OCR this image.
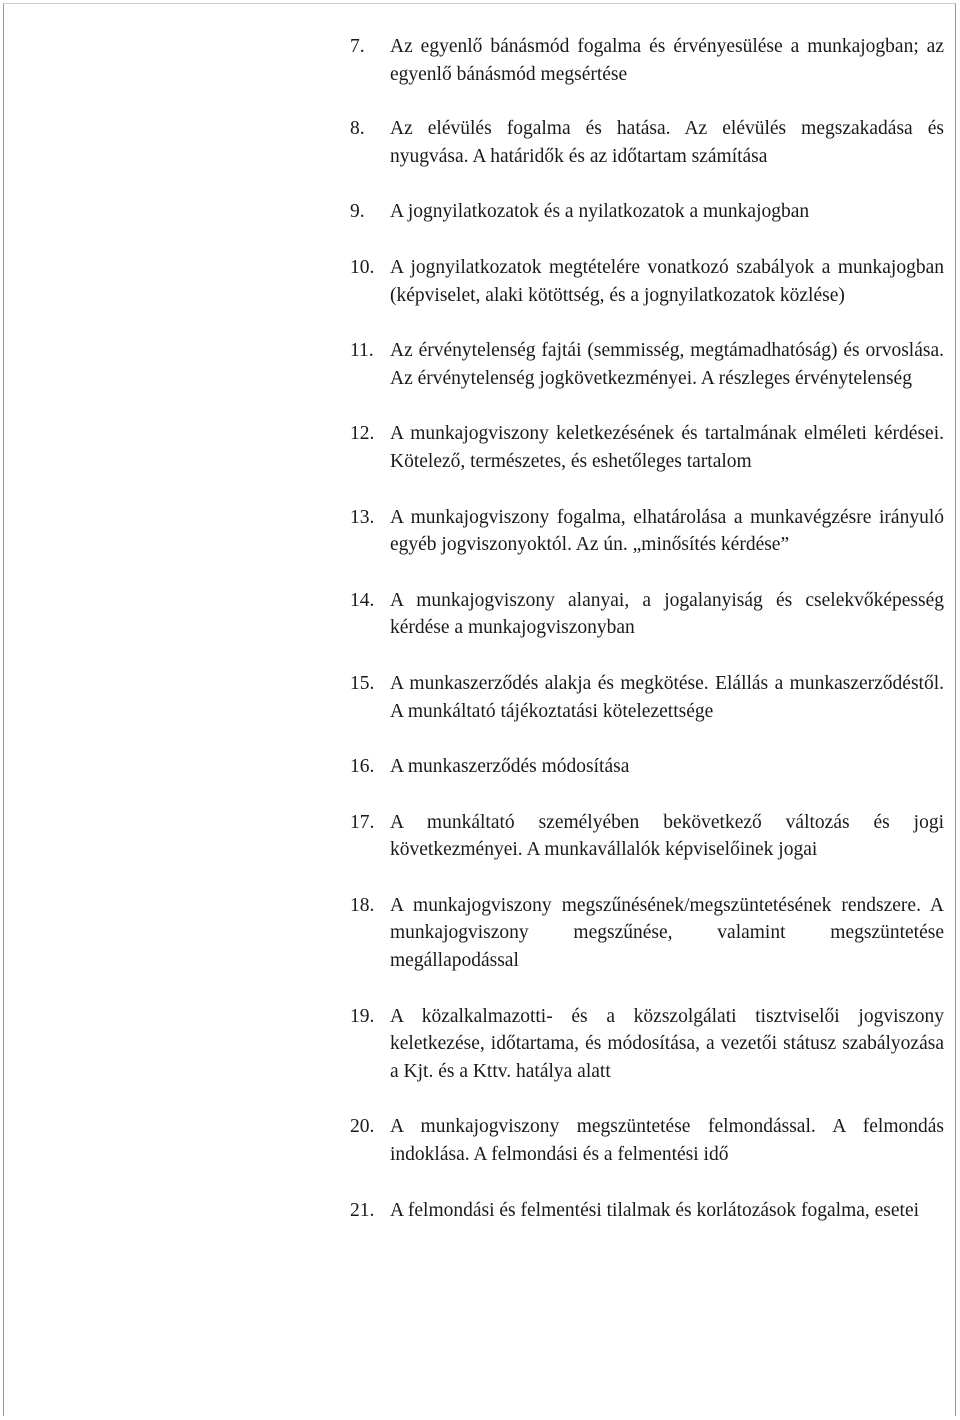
7. Az egyenlő bánásmód fogalma és érvényesülése a munkajogban; az egyenlő bánásmód megsértése
8. Az elévülés fogalma és hatása. Az elévülés megszakadása és nyugvása. A határidők és az időtartam számítása
9. A jognyilatkozatok és a nyilatkozatok a munkajogban
10. A jognyilatkozatok megtételére vonatkozó szabályok a munkajogban (képviselet, alaki kötöttség, és a jognyilatkozatok közlése)
11. Az érvénytelenség fajtái (semmisség, megtámadhatóság) és orvoslása. Az érvénytelenség jogkövetkezményei. A részleges érvénytelenség
12. A munkajogviszony keletkezésének és tartalmának elméleti kérdései. Kötelező, természetes, és eshetőleges tartalom
13. A munkajogviszony fogalma, elhatárolása a munkavégzésre irányuló egyéb jogviszonyoktól. Az ún. „minősítés kérdése”
14. A munkajogviszony alanyai, a jogalanyiság és cselekvőképesség kérdése a munkajogviszonyban
15. A munkaszerződés alakja és megkötése. Elállás a munkaszerződéstől. A munkáltató tájékoztatási kötelezettsége
16. A munkaszerződés módosítása
17. A munkáltató személyében bekövetkező változás és jogi következményei. A munkavállalók képviselőinek jogai
18. A munkajogviszony megszűnésének/megszüntetésének rendszere. A munkajogviszony megszűnése, valamint megszüntetése megállapodással
19. A közalkalmazotti- és a közszolgálati tisztviselői jogviszony keletkezése, időtartama, és módosítása, a vezetői státusz szabályozása a Kjt. és a Kttv. hatálya alatt
20. A munkajogviszony megszüntetése felmondással. A felmondás indoklása. A felmondási és a felmentési idő
21. A felmondási és felmentési tilalmak és korlátozások fogalma, esetei
